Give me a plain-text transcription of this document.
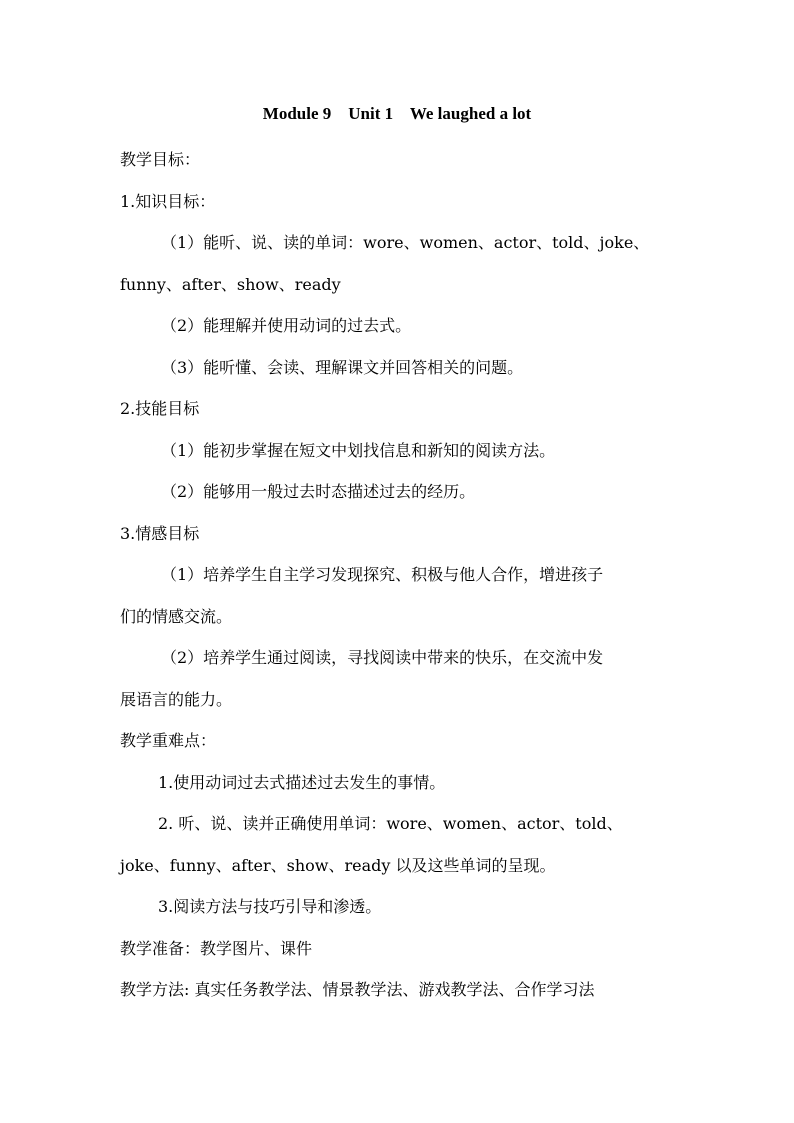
Module 9    Unit 1    We laughed a lot

教学目标：

1.知识目标：

（1）能听、说、读的单词：wore、women、actor、told、joke、

funny、after、show、ready

（2）能理解并使用动词的过去式。

（3）能听懂、会读、理解课文并回答相关的问题。

2.技能目标

（1）能初步掌握在短文中划找信息和新知的阅读方法。

（2）能够用一般过去时态描述过去的经历。

3.情感目标

（1）培养学生自主学习发现探究、积极与他人合作，增进孩子

们的情感交流。

（2）培养学生通过阅读，寻找阅读中带来的快乐，在交流中发

展语言的能力。

教学重难点：

1.使用动词过去式描述过去发生的事情。

2. 听、说、读并正确使用单词：wore、women、actor、told、

joke、funny、after、show、ready 以及这些单词的呈现。

3.阅读方法与技巧引导和渗透。

教学准备：教学图片、课件

教学方法: 真实任务教学法、情景教学法、游戏教学法、合作学习法
